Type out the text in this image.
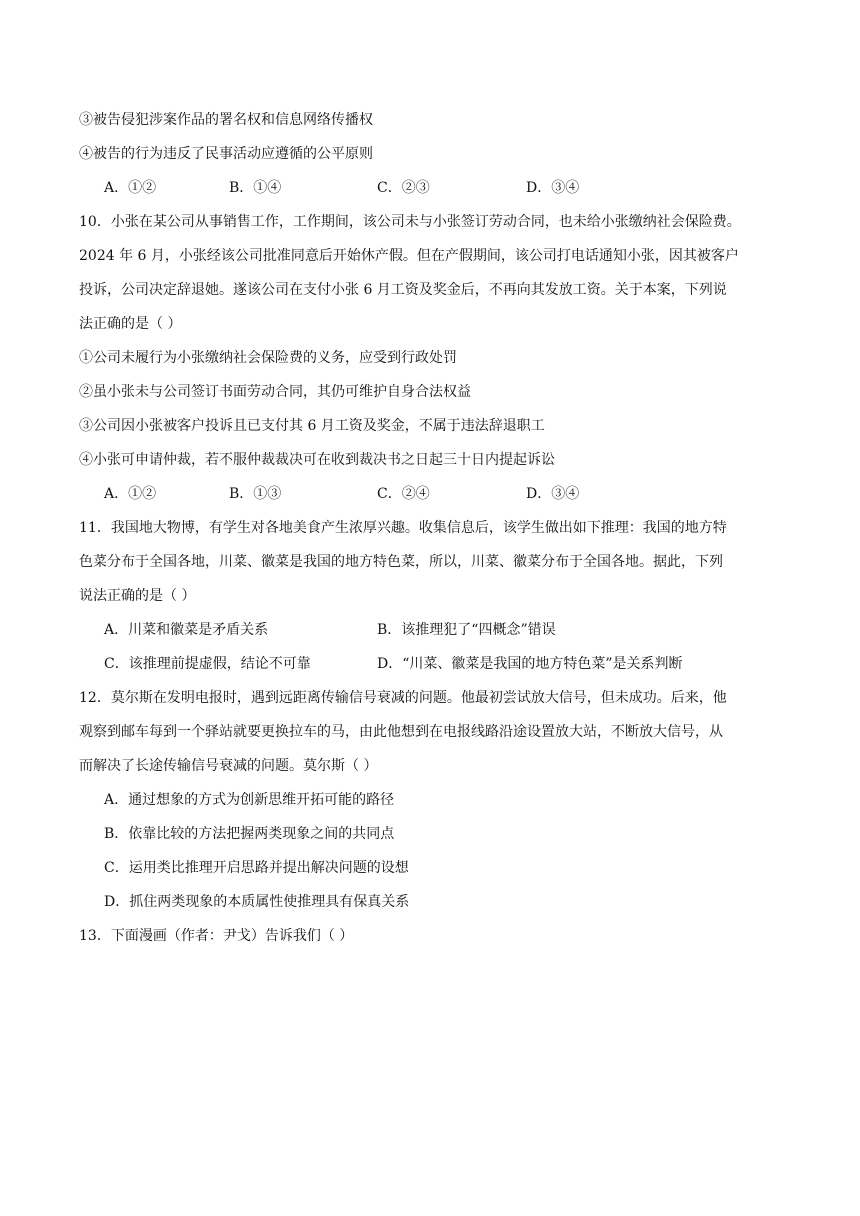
③被告侵犯涉案作品的署名权和信息网络传播权
④被告的行为违反了民事活动应遵循的公平原则
A．①②	B．①④	C．②③	D．③④
10．小张在某公司从事销售工作，工作期间，该公司未与小张签订劳动合同，也未给小张缴纳社会保险费。
2024 年 6 月，小张经该公司批准同意后开始休产假。但在产假期间，该公司打电话通知小张，因其被客户
投诉，公司决定辞退她。遂该公司在支付小张 6 月工资及奖金后，不再向其发放工资。关于本案，下列说
法正确的是（ ）
①公司未履行为小张缴纳社会保险费的义务，应受到行政处罚
②虽小张未与公司签订书面劳动合同，其仍可维护自身合法权益
③公司因小张被客户投诉且已支付其 6 月工资及奖金，不属于违法辞退职工
④小张可申请仲裁，若不服仲裁裁决可在收到裁决书之日起三十日内提起诉讼
A．①②	B．①③	C．②④	D．③④
11．我国地大物博，有学生对各地美食产生浓厚兴趣。收集信息后，该学生做出如下推理：我国的地方特
色菜分布于全国各地，川菜、徽菜是我国的地方特色菜，所以，川菜、徽菜分布于全国各地。据此，下列
说法正确的是（ ）
A．川菜和徽菜是矛盾关系	B．该推理犯了“四概念”错误
C．该推理前提虚假，结论不可靠	D．“川菜、徽菜是我国的地方特色菜”是关系判断
12．莫尔斯在发明电报时，遇到远距离传输信号衰减的问题。他最初尝试放大信号，但未成功。后来，他
观察到邮车每到一个驿站就要更换拉车的马，由此他想到在电报线路沿途设置放大站，不断放大信号，从
而解决了长途传输信号衰减的问题。莫尔斯（ ）
A．通过想象的方式为创新思维开拓可能的路径
B．依靠比较的方法把握两类现象之间的共同点
C．运用类比推理开启思路并提出解决问题的设想
D．抓住两类现象的本质属性使推理具有保真关系
13．下面漫画（作者：尹戈）告诉我们（ ）
